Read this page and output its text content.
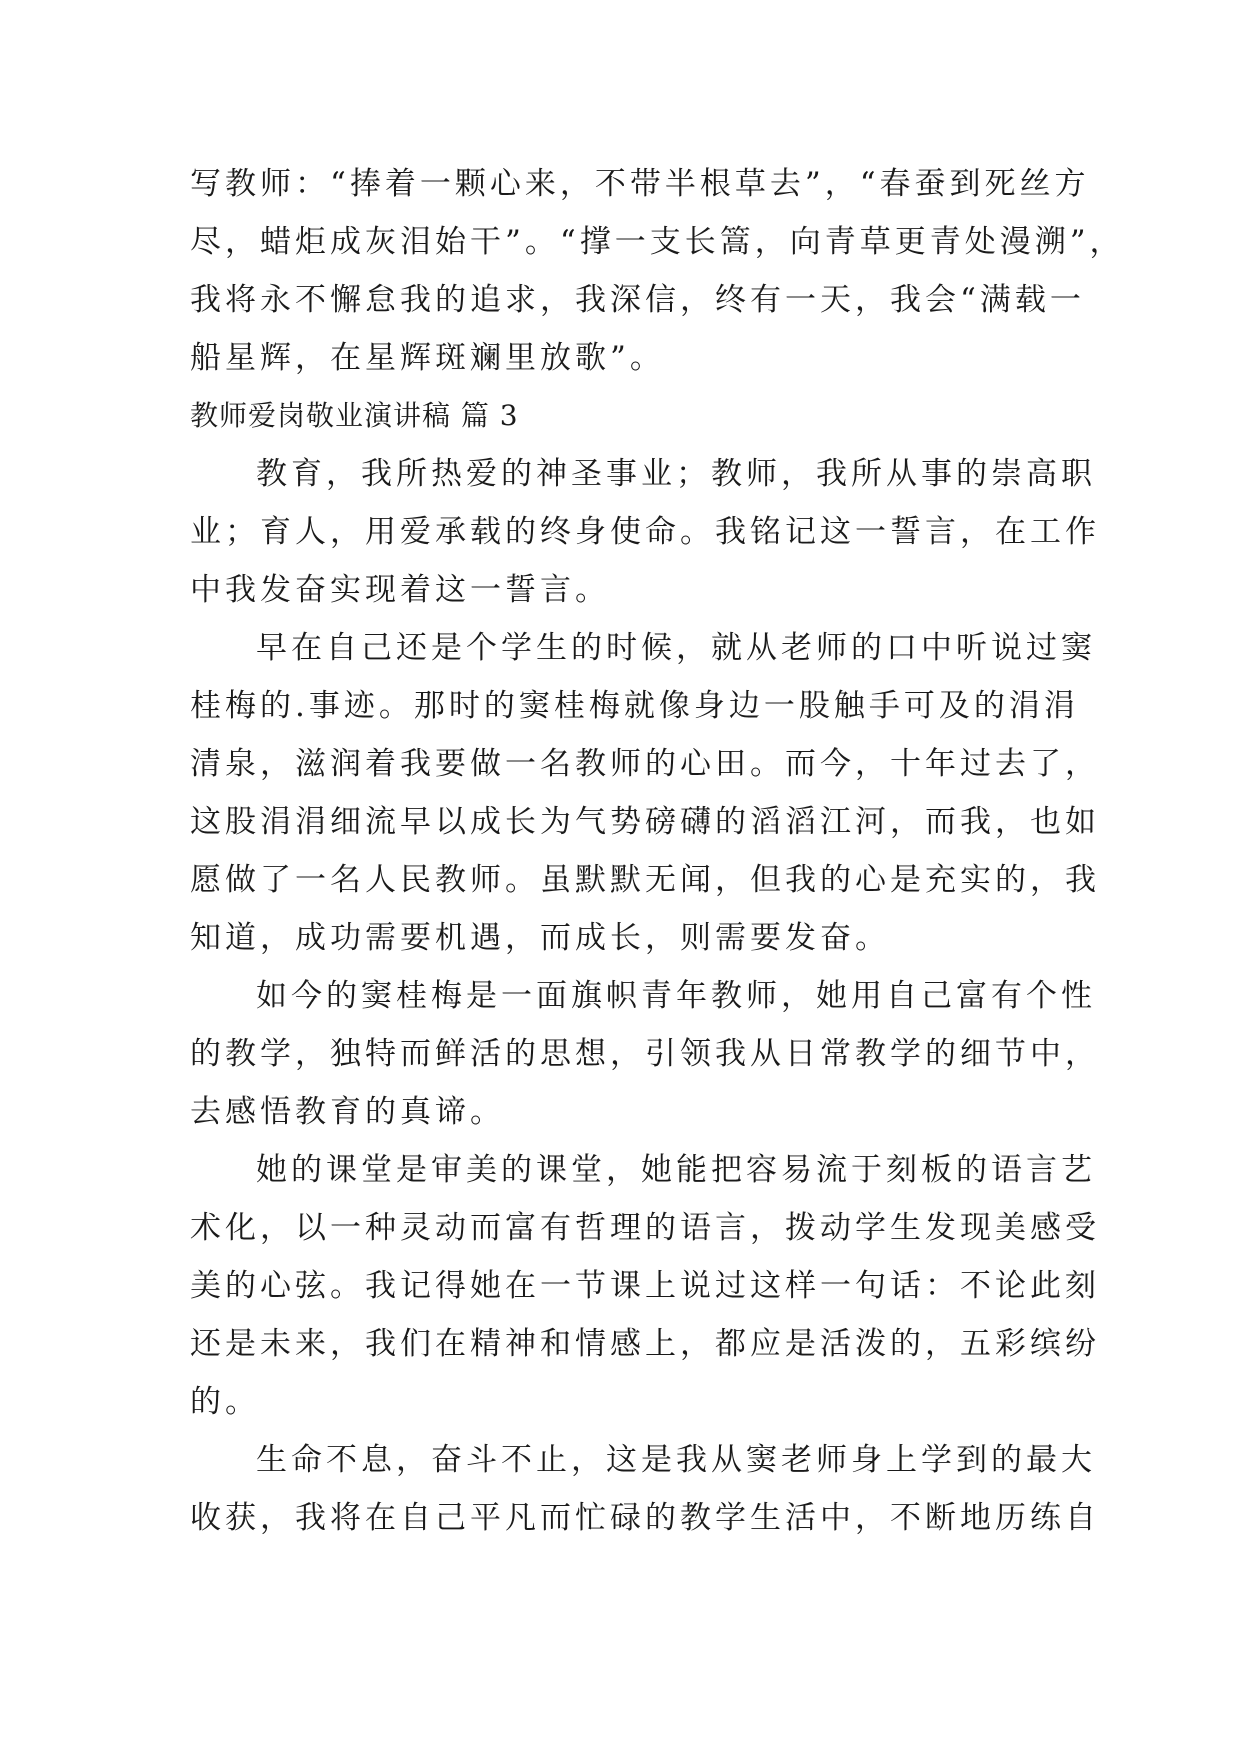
写教师：“捧着一颗心来，不带半根草去”，“春蚕到死丝方
尽，蜡炬成灰泪始干”。“撑一支长篙，向青草更青处漫溯”，
我将永不懈怠我的追求，我深信，终有一天，我会“满载一
船星辉，在星辉斑斓里放歌”。
教师爱岗敬业演讲稿 篇 3
教育，我所热爱的神圣事业；教师，我所从事的崇高职
业；育人，用爱承载的终身使命。我铭记这一誓言，在工作
中我发奋实现着这一誓言。
早在自己还是个学生的时候，就从老师的口中听说过窦
桂梅的.事迹。那时的窦桂梅就像身边一股触手可及的涓涓
清泉，滋润着我要做一名教师的心田。而今，十年过去了，
这股涓涓细流早以成长为气势磅礴的滔滔江河，而我，也如
愿做了一名人民教师。虽默默无闻，但我的心是充实的，我
知道，成功需要机遇，而成长，则需要发奋。
如今的窦桂梅是一面旗帜青年教师，她用自己富有个性
的教学，独特而鲜活的思想，引领我从日常教学的细节中，
去感悟教育的真谛。
她的课堂是审美的课堂，她能把容易流于刻板的语言艺
术化，以一种灵动而富有哲理的语言，拨动学生发现美感受
美的心弦。我记得她在一节课上说过这样一句话：不论此刻
还是未来，我们在精神和情感上，都应是活泼的，五彩缤纷
的。
生命不息，奋斗不止，这是我从窦老师身上学到的最大
收获，我将在自己平凡而忙碌的教学生活中，不断地历练自
